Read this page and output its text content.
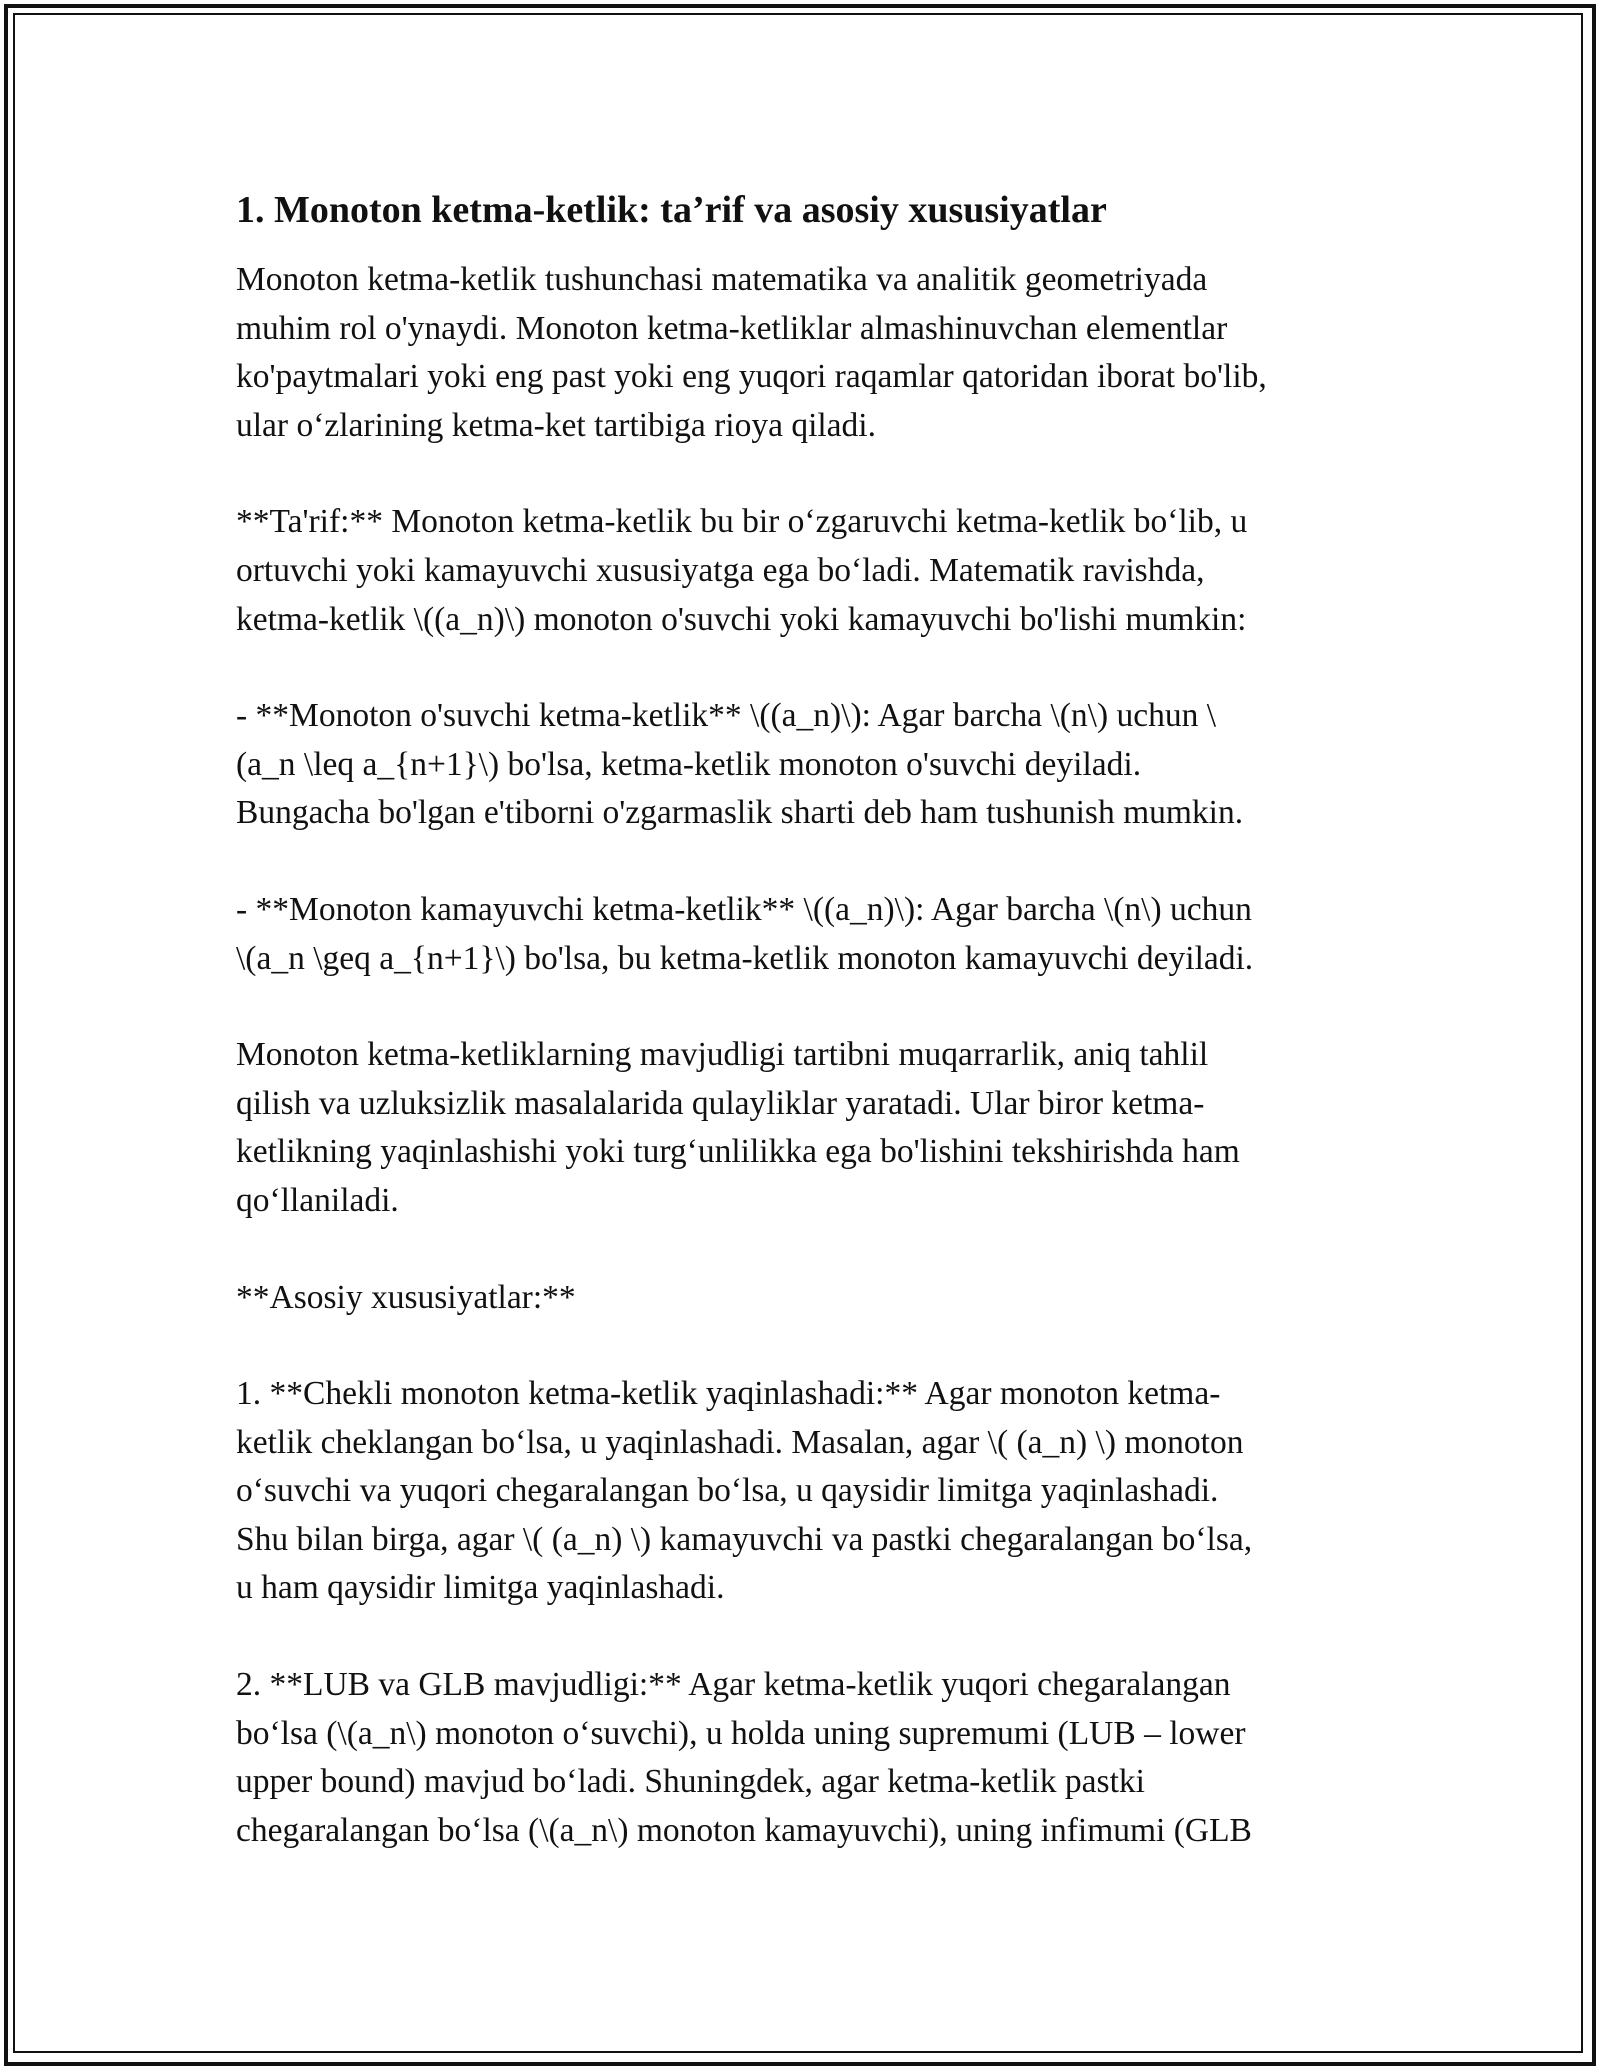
1. Monoton ketma-ketlik: ta’rif va asosiy xususiyatlar

Monoton ketma-ketlik tushunchasi matematika va analitik geometriyada
muhim rol o'ynaydi. Monoton ketma-ketliklar almashinuvchan elementlar
ko'paytmalari yoki eng past yoki eng yuqori raqamlar qatoridan iborat bo'lib,
ular o‘zlarining ketma-ket tartibiga rioya qiladi.

**Ta'rif:** Monoton ketma-ketlik bu bir o‘zgaruvchi ketma-ketlik bo‘lib, u
ortuvchi yoki kamayuvchi xususiyatga ega bo‘ladi. Matematik ravishda,
ketma-ketlik \((a_n)\) monoton o'suvchi yoki kamayuvchi bo'lishi mumkin:

- **Monoton o'suvchi ketma-ketlik** \((a_n)\): Agar barcha \(n\) uchun \
(a_n \leq a_{n+1}\) bo'lsa, ketma-ketlik monoton o'suvchi deyiladi.
Bungacha bo'lgan e'tiborni o'zgarmaslik sharti deb ham tushunish mumkin.

- **Monoton kamayuvchi ketma-ketlik** \((a_n)\): Agar barcha \(n\) uchun
\(a_n \geq a_{n+1}\) bo'lsa, bu ketma-ketlik monoton kamayuvchi deyiladi.

Monoton ketma-ketliklarning mavjudligi tartibni muqarrarlik, aniq tahlil
qilish va uzluksizlik masalalarida qulayliklar yaratadi. Ular biror ketma-
ketlikning yaqinlashishi yoki turg‘unlilikka ega bo'lishini tekshirishda ham
qo‘llaniladi.

**Asosiy xususiyatlar:**

1. **Chekli monoton ketma-ketlik yaqinlashadi:** Agar monoton ketma-
ketlik cheklangan bo‘lsa, u yaqinlashadi. Masalan, agar \( (a_n) \) monoton
o‘suvchi va yuqori chegaralangan bo‘lsa, u qaysidir limitga yaqinlashadi.
Shu bilan birga, agar \( (a_n) \) kamayuvchi va pastki chegaralangan bo‘lsa,
u ham qaysidir limitga yaqinlashadi.

2. **LUB va GLB mavjudligi:** Agar ketma-ketlik yuqori chegaralangan
bo‘lsa (\(a_n\) monoton o‘suvchi), u holda uning supremumi (LUB – lower
upper bound) mavjud bo‘ladi. Shuningdek, agar ketma-ketlik pastki
chegaralangan bo‘lsa (\(a_n\) monoton kamayuvchi), uning infimumi (GLB
